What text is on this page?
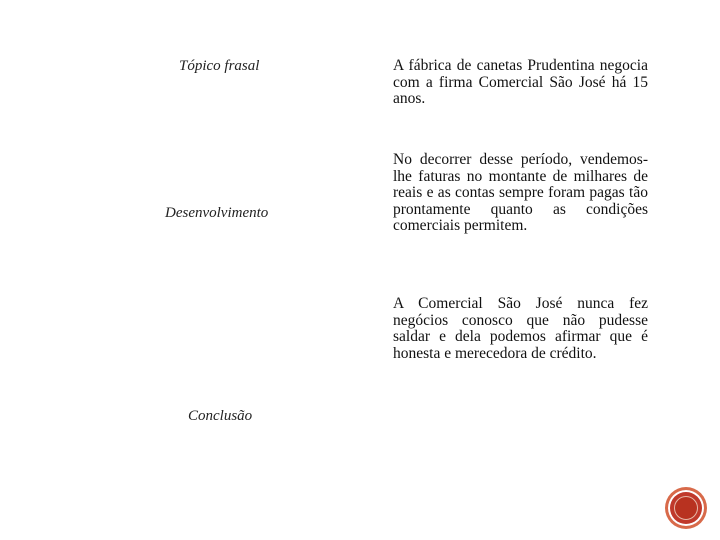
Tópico frasal	A fábrica de canetas Prudentina negocia com a firma Comercial São José há 15 anos.

Desenvolvimento

No decorrer desse período, vendemos-lhe faturas no montante de milhares de reais e as contas sempre foram pagas tão prontamente quanto as condições comerciais permitem.

Conclusão

A Comercial São José nunca fez negócios conosco que não pudesse saldar e dela podemos afirmar que é honesta e merecedora de crédito.
